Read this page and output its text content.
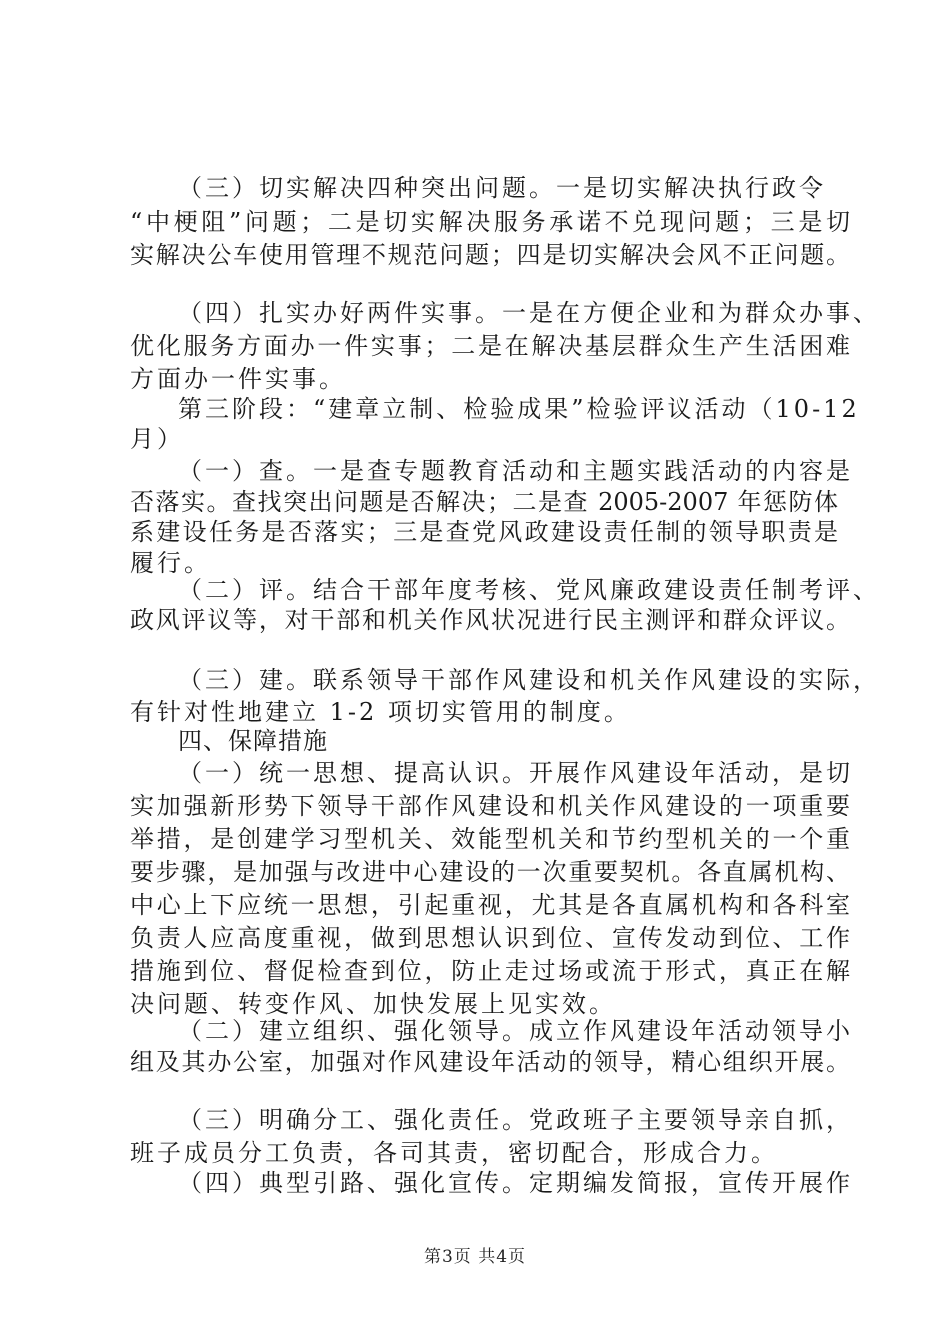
（三）切实解决四种突出问题。一是切实解决执行政令
“中梗阻”问题；二是切实解决服务承诺不兑现问题；三是切
实解决公车使用管理不规范问题；四是切实解决会风不正问题。
（四）扎实办好两件实事。一是在方便企业和为群众办事、
优化服务方面办一件实事；二是在解决基层群众生产生活困难
方面办一件实事。
第三阶段：“建章立制、检验成果”检验评议活动（10-12
月）
（一）查。一是查专题教育活动和主题实践活动的内容是
否落实。查找突出问题是否解决；二是查 2005-2007 年惩防体
系建设任务是否落实；三是查党风政建设责任制的领导职责是
履行。
（二）评。结合干部年度考核、党风廉政建设责任制考评、
政风评议等，对干部和机关作风状况进行民主测评和群众评议。
（三）建。联系领导干部作风建设和机关作风建设的实际，
有针对性地建立 1-2 项切实管用的制度。
四、保障措施
（一）统一思想、提高认识。开展作风建设年活动，是切
实加强新形势下领导干部作风建设和机关作风建设的一项重要
举措，是创建学习型机关、效能型机关和节约型机关的一个重
要步骤，是加强与改进中心建设的一次重要契机。各直属机构、
中心上下应统一思想，引起重视，尤其是各直属机构和各科室
负责人应高度重视，做到思想认识到位、宣传发动到位、工作
措施到位、督促检查到位，防止走过场或流于形式，真正在解
决问题、转变作风、加快发展上见实效。
（二）建立组织、强化领导。成立作风建设年活动领导小
组及其办公室，加强对作风建设年活动的领导，精心组织开展。
（三）明确分工、强化责任。党政班子主要领导亲自抓，
班子成员分工负责，各司其责，密切配合，形成合力。
（四）典型引路、强化宣传。定期编发简报，宣传开展作
第3页 共4页
